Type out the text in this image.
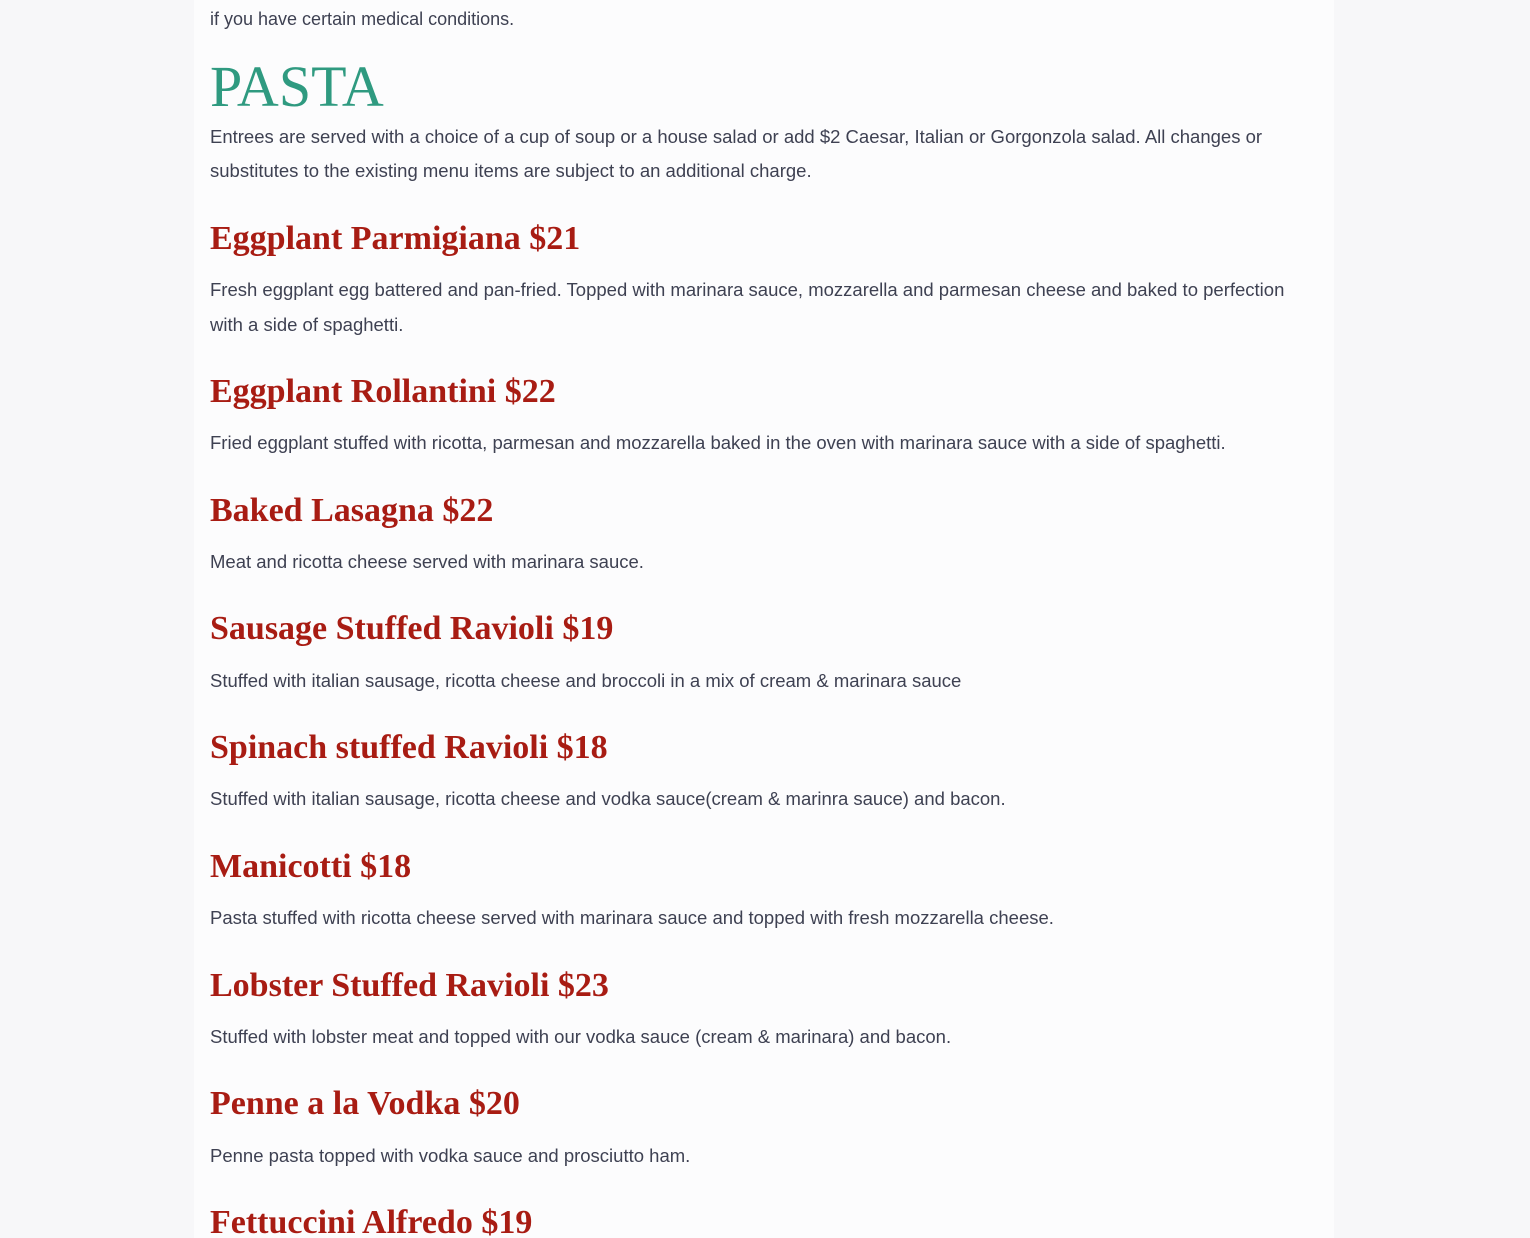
if you have certain medical conditions.

PASTA

Entrees are served with a choice of a cup of soup or a house salad or add $2 Caesar, Italian or Gorgonzola salad. All changes or substitutes to the existing menu items are subject to an additional charge.

Eggplant Parmigiana $21

Fresh eggplant egg battered and pan-fried. Topped with marinara sauce, mozzarella and parmesan cheese and baked to perfection with a side of spaghetti.

Eggplant Rollantini $22

Fried eggplant stuffed with ricotta, parmesan and mozzarella baked in the oven with marinara sauce with a side of spaghetti.

Baked Lasagna $22

Meat and ricotta cheese served with marinara sauce.

Sausage Stuffed Ravioli $19

Stuffed with italian sausage, ricotta cheese and broccoli in a mix of cream & marinara sauce

Spinach stuffed Ravioli $18

Stuffed with italian sausage, ricotta cheese and vodka sauce(cream & marinra sauce) and bacon.

Manicotti $18

Pasta stuffed with ricotta cheese served with marinara sauce and topped with fresh mozzarella cheese.

Lobster Stuffed Ravioli $23

Stuffed with lobster meat and topped with our vodka sauce (cream & marinara) and bacon.

Penne a la Vodka $20

Penne pasta topped with vodka sauce and prosciutto ham.

Fettuccini Alfredo $19
